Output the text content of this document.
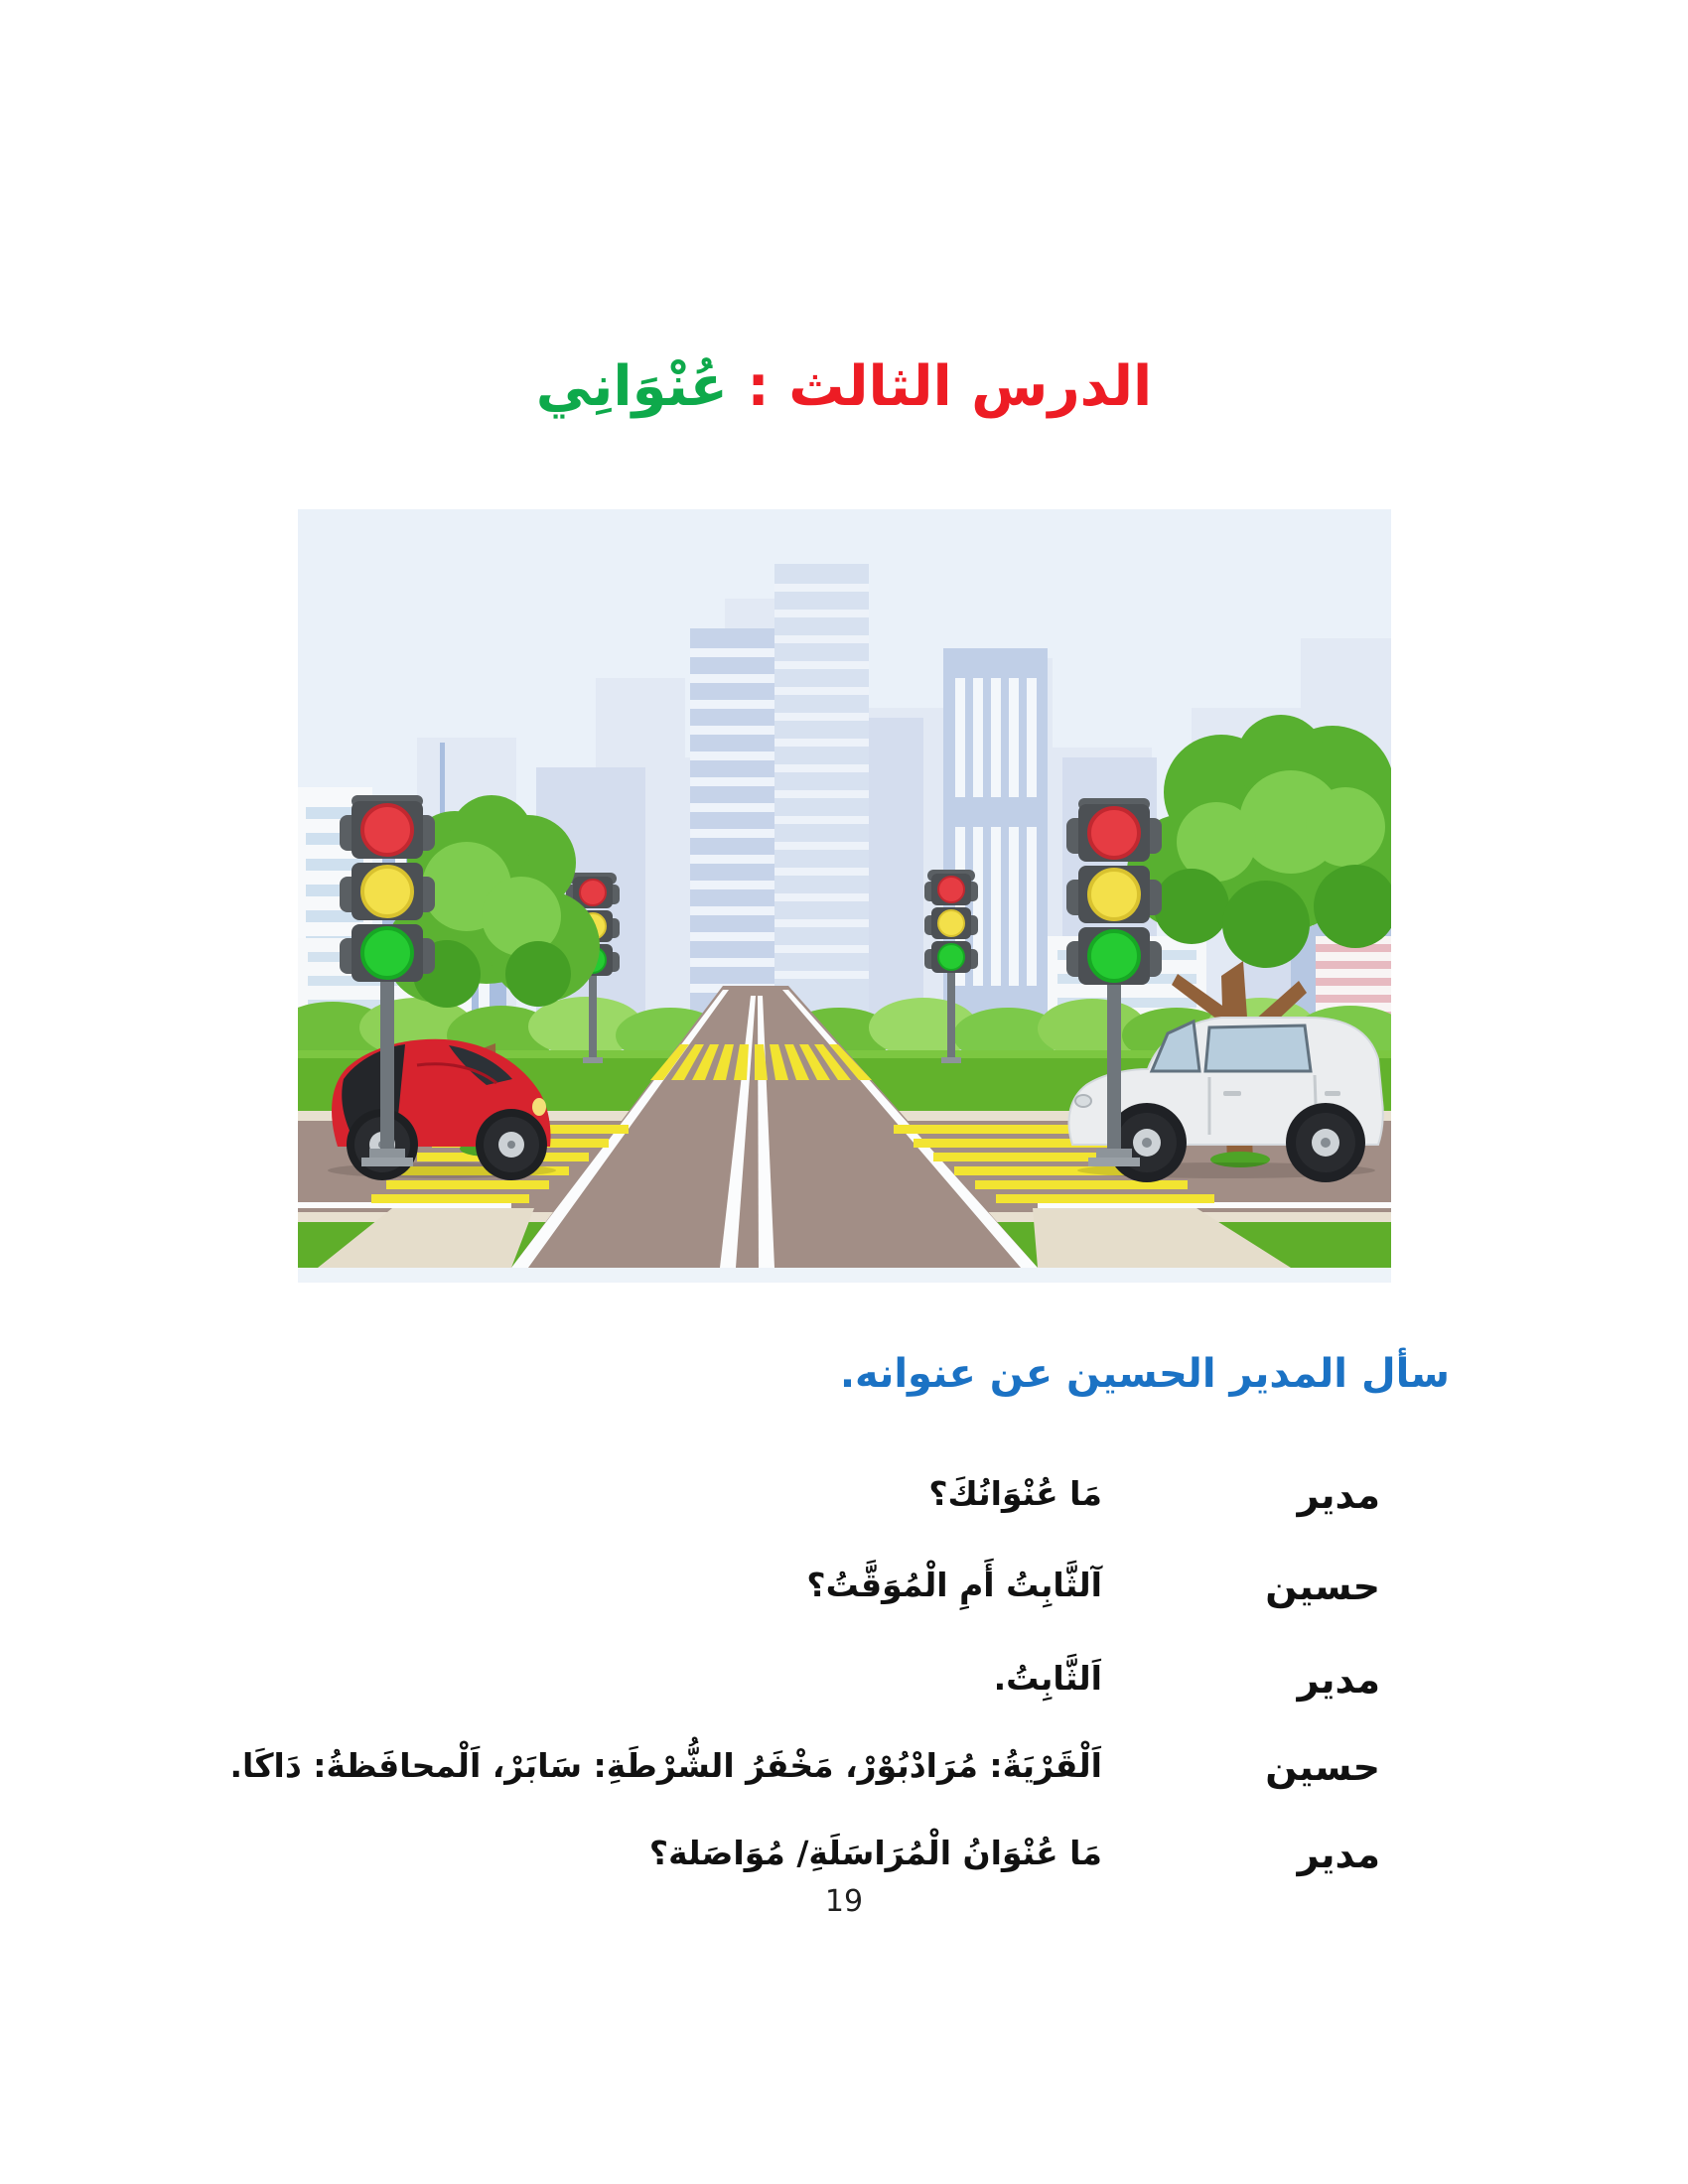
الدرس الثالث : عُنْوَانِي
سأل المدير الحسين عن عنوانه.
مدير
مَا عُنْوَانُكَ؟
حسين
آلثَّابِتُ أَمِ الْمُوَقَّتُ؟
مدير
اَلثَّابِتُ.
حسين
اَلْقَرْيَةُ: مُرَادْبُوْرْ، مَخْفَرُ الشُّرْطَةِ: سَابَرْ، اَلْمحافَظةُ: دَاكَا.
مدير
مَا عُنْوَانُ الْمُرَاسَلَةِ/ مُوَاصَلة؟
19
